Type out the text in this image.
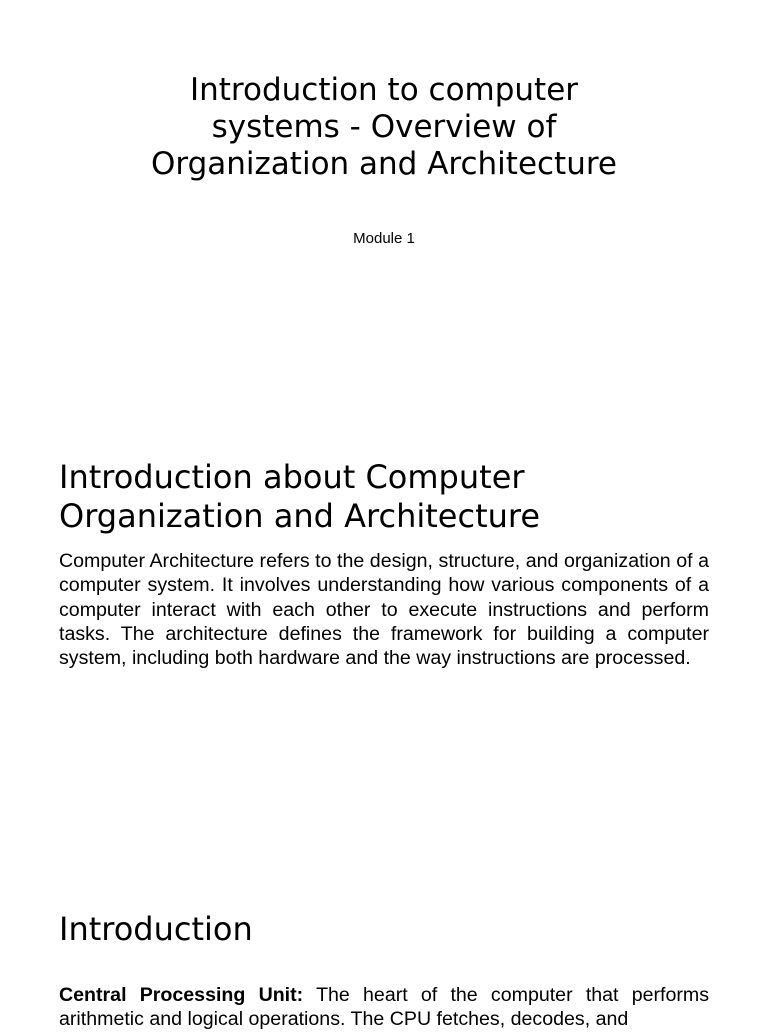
Introduction to computer systems - Overview of Organization and Architecture

Module 1

Introduction about Computer Organization and Architecture

Computer Architecture refers to the design, structure, and organization of a computer system. It involves understanding how various components of a computer interact with each other to execute instructions and perform tasks. The architecture defines the framework for building a computer system, including both hardware and the way instructions are processed.

Introduction

Central Processing Unit: The heart of the computer that performs arithmetic and logical operations. The CPU fetches, decodes, and
